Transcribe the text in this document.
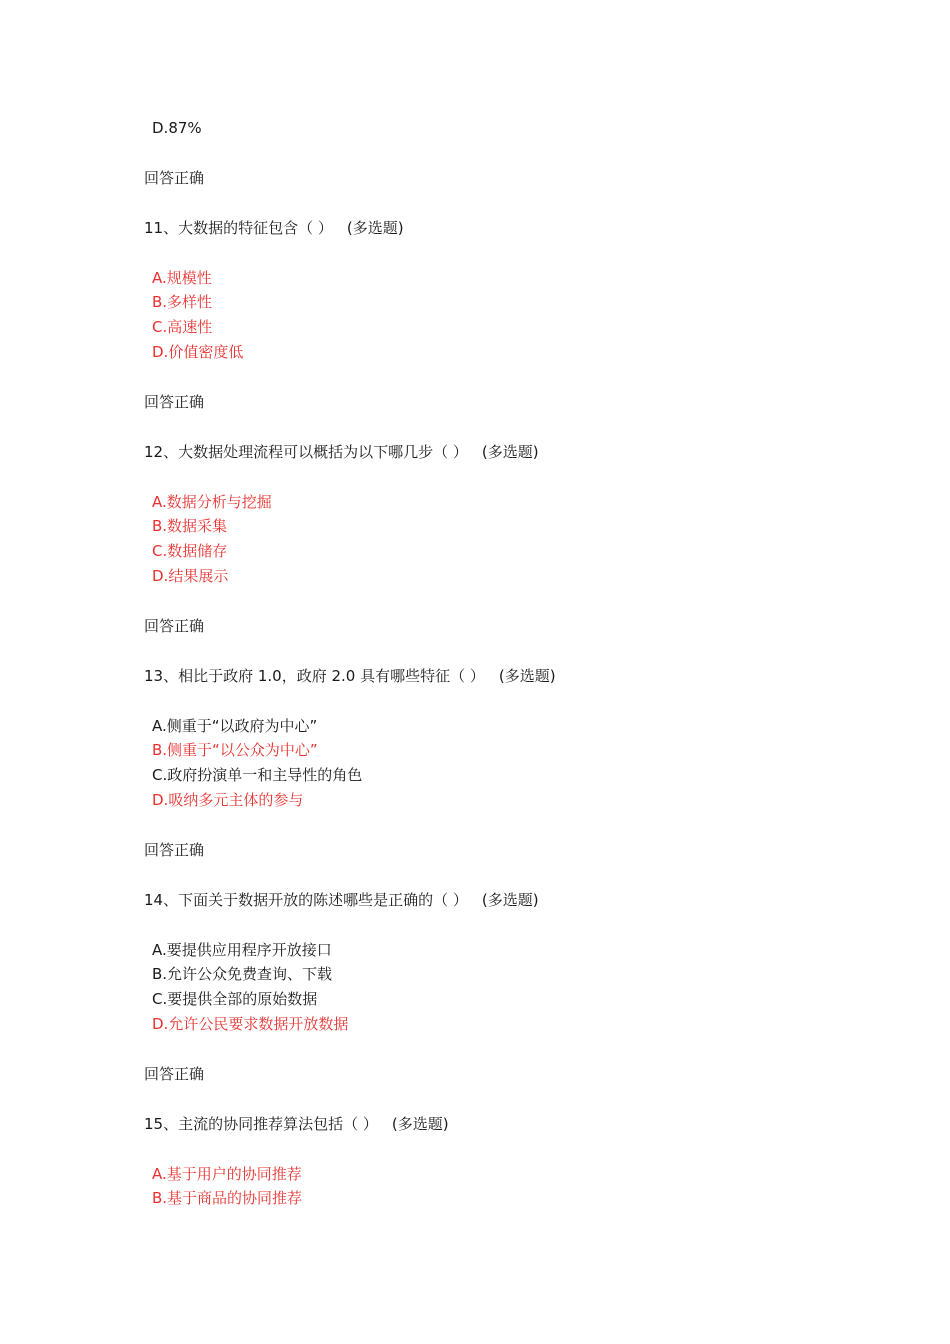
D.87%
回答正确
11、大数据的特征包含（ ） (多选题)
A.规模性
B.多样性
C.高速性
D.价值密度低
回答正确
12、大数据处理流程可以概括为以下哪几步（ ） (多选题)
A.数据分析与挖掘
B.数据采集
C.数据储存
D.结果展示
回答正确
13、相比于政府 1.0，政府 2.0 具有哪些特征（ ） (多选题)
A.侧重于“以政府为中心”
B.侧重于“以公众为中心”
C.政府扮演单一和主导性的角色
D.吸纳多元主体的参与
回答正确
14、下面关于数据开放的陈述哪些是正确的（ ） (多选题)
A.要提供应用程序开放接口
B.允许公众免费查询、下载
C.要提供全部的原始数据
D.允许公民要求数据开放数据
回答正确
15、主流的协同推荐算法包括（ ） (多选题)
A.基于用户的协同推荐
B.基于商品的协同推荐
